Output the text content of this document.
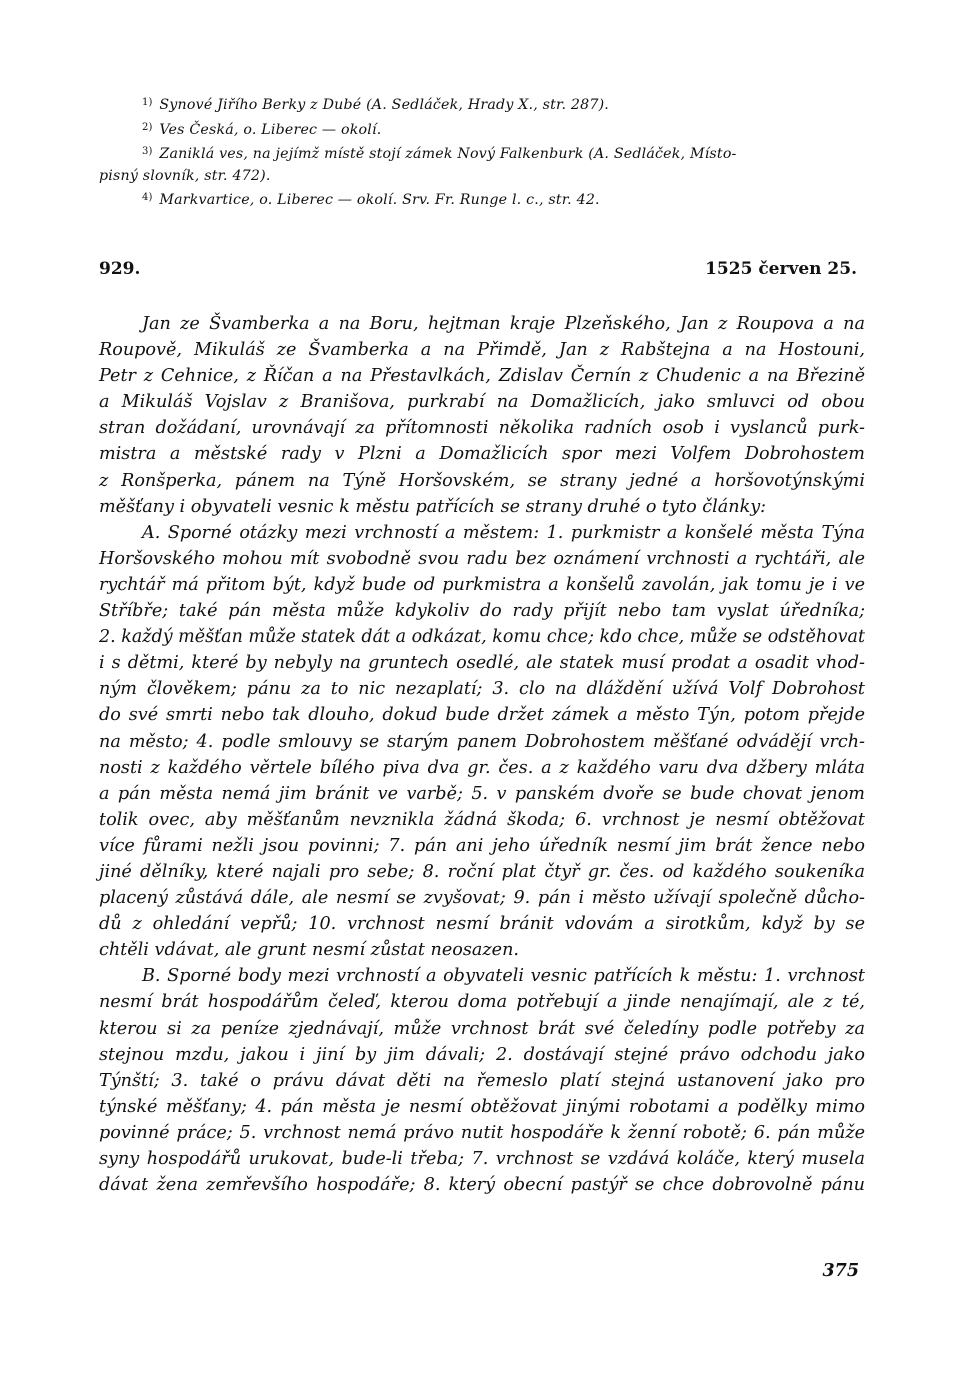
$^{1)}$ Synové Jiřího Berky z Dubé (A. Sedláček, Hrady X., str. 287).
$^{2)}$ Ves Česká, o. Liberec — okolí.
$^{3)}$ Zaniklá ves, na jejímž místě stojí zámek Nový Falkenburk (A. Sedláček, Místo-
pisný slovník, str. 472).
$^{4)}$ Markvartice, o. Liberec — okolí. Srv. Fr. Runge l. c., str. 42.
929.	1525 červen 25.
Jan ze Švamberka a na Boru, hejtman kraje Plzeňského, Jan z Roupova a na
Roupově, Mikuláš ze Švamberka a na Přimdě, Jan z Rabštejna a na Hostouni,
Petr z Cehnice, z Říčan a na Přestavlkách, Zdislav Černín z Chudenic a na Březině
a Mikuláš Vojslav z Branišova, purkrabí na Domažlicích, jako smluvci od obou
stran dožádaní, urovnávají za přítomnosti několika radních osob i vyslanců purk-
mistra a městské rady v Plzni a Domažlicích spor mezi Volfem Dobrohostem
z Ronšperka, pánem na Týně Horšovském, se strany jedné a horšovotýnskými
měšťany i obyvateli vesnic k městu patřících se strany druhé o tyto články:
A. Sporné otázky mezi vrchností a městem: 1. purkmistr a konšelé města Týna
Horšovského mohou mít svobodně svou radu bez oznámení vrchnosti a rychtáři, ale
rychtář má přitom být, když bude od purkmistra a konšelů zavolán, jak tomu je i ve
Stříbře; také pán města může kdykoliv do rady přijít nebo tam vyslat úředníka;
2. každý měšťan může statek dát a odkázat, komu chce; kdo chce, může se odstěhovat
i s dětmi, které by nebyly na gruntech osedlé, ale statek musí prodat a osadit vhod-
ným člověkem; pánu za to nic nezaplatí; 3. clo na dláždění užívá Volf Dobrohost
do své smrti nebo tak dlouho, dokud bude držet zámek a město Týn, potom přejde
na město; 4. podle smlouvy se starým panem Dobrohostem měšťané odvádějí vrch-
nosti z každého věrtele bílého piva dva gr. čes. a z každého varu dva džbery mláta
a pán města nemá jim bránit ve varbě; 5. v panském dvoře se bude chovat jenom
tolik ovec, aby měšťanům nevznikla žádná škoda; 6. vrchnost je nesmí obtěžovat
více fůrami nežli jsou povinni; 7. pán ani jeho úředník nesmí jim brát žence nebo
jiné dělníky, které najali pro sebe; 8. roční plat čtyř gr. čes. od každého soukeníka
placený zůstává dále, ale nesmí se zvyšovat; 9. pán i město užívají společně důcho-
dů z ohledání vepřů; 10. vrchnost nesmí bránit vdovám a sirotkům, když by se
chtěli vdávat, ale grunt nesmí zůstat neosazen.
B. Sporné body mezi vrchností a obyvateli vesnic patřících k městu: 1. vrchnost
nesmí brát hospodářům čeleď, kterou doma potřebují a jinde nenajímají, ale z té,
kterou si za peníze zjednávají, může vrchnost brát své čeledíny podle potřeby za
stejnou mzdu, jakou i jiní by jim dávali; 2. dostávají stejné právo odchodu jako
Týnští; 3. také o právu dávat děti na řemeslo platí stejná ustanovení jako pro
týnské měšťany; 4. pán města je nesmí obtěžovat jinými robotami a podělky mimo
povinné práce; 5. vrchnost nemá právo nutit hospodáře k ženní robotě; 6. pán může
syny hospodářů urukovat, bude-li třeba; 7. vrchnost se vzdává koláče, který musela
dávat žena zemřevšího hospodáře; 8. který obecní pastýř se chce dobrovolně pánu
375
